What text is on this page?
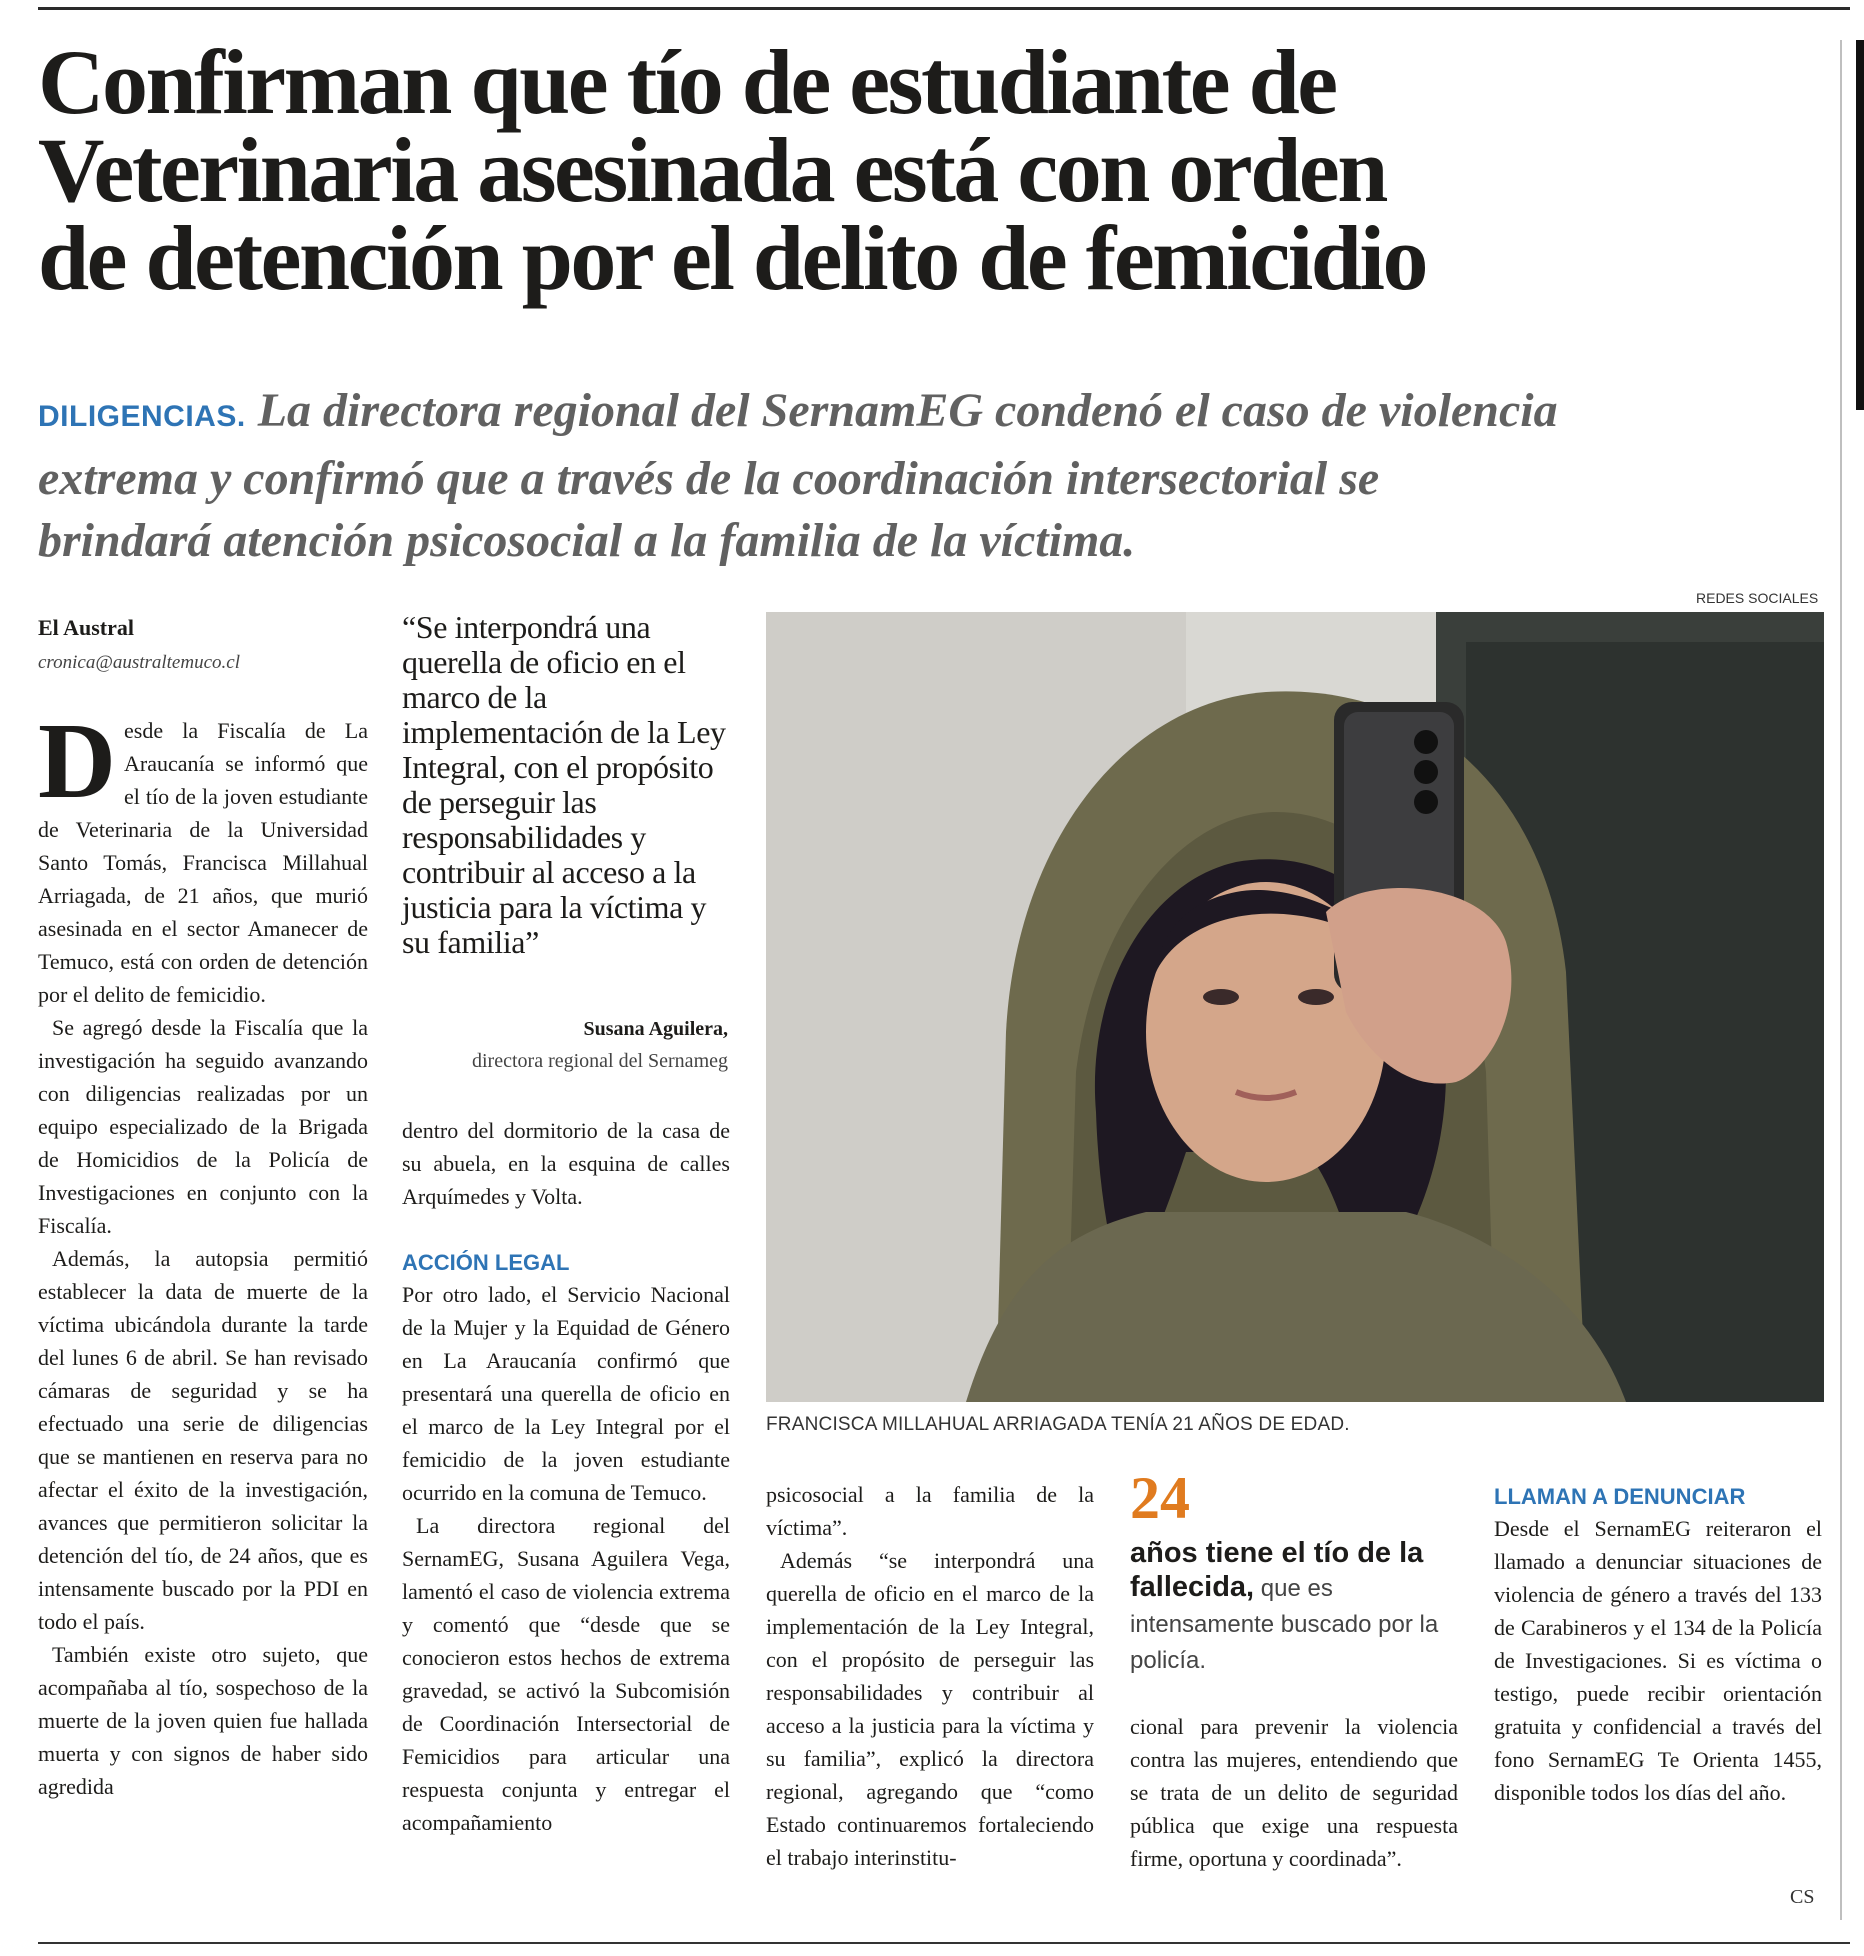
Confirman que tío de estudiante de
Veterinaria asesinada está con orden
de detención por el delito de femicidio
DILIGENCIAS. La directora regional del SernamEG condenó el caso de violencia
extrema y confirmó que a través de la coordinación intersectorial se
brindará atención psicosocial a la familia de la víctima.
El Austral
cronica@australtemuco.cl

Desde la Fiscalía de La Araucanía se informó que el tío de la joven estudiante de Veterinaria de la Universidad Santo Tomás, Francisca Millahual Arriagada, de 21 años, que murió asesinada en el sector Amanecer de Temuco, está con orden de detención por el delito de femicidio.

Se agregó desde la Fiscalía que la investigación ha seguido avanzando con diligencias realizadas por un equipo especializado de la Brigada de Homicidios de la Policía de Investigaciones en conjunto con la Fiscalía.

Además, la autopsia permitió establecer la data de muerte de la víctima ubicándola durante la tarde del lunes 6 de abril. Se han revisado cámaras de seguridad y se ha efectuado una serie de diligencias que se mantienen en reserva para no afectar el éxito de la investigación, avances que permitieron solicitar la detención del tío, de 24 años, que es intensamente buscado por la PDI en todo el país.

También existe otro sujeto, que acompañaba al tío, sospechoso de la muerte de la joven quien fue hallada muerta y con signos de haber sido agredida

“Se interpondrá una querella de oficio en el marco de la implementación de la Ley Integral, con el propósito de perseguir las responsabilidades y contribuir al acceso a la justicia para la víctima y su familia”
Susana Aguilera,
directora regional del Sernameg

dentro del dormitorio de la casa de su abuela, en la esquina de calles Arquímedes y Volta.

ACCIÓN LEGAL

Por otro lado, el Servicio Nacional de la Mujer y la Equidad de Género en La Araucanía confirmó que presentará una querella de oficio en el marco de la Ley Integral por el femicidio de la joven estudiante ocurrido en la comuna de Temuco.

La directora regional del SernamEG, Susana Aguilera Vega, lamentó el caso de violencia extrema y comentó que “desde que se conocieron estos hechos de extrema gravedad, se activó la Subcomisión de Coordinación Intersectorial de Femicidios para articular una respuesta conjunta y entregar el acompañamiento

REDES SOCIALES
FRANCISCA MILLAHUAL ARRIAGADA TENÍA 21 AÑOS DE EDAD.

psicosocial a la familia de la víctima”.

Además “se interpondrá una querella de oficio en el marco de la implementación de la Ley Integral, con el propósito de perseguir las responsabilidades y contribuir al acceso a la justicia para la víctima y su familia”, explicó la directora regional, agregando que “como Estado continuaremos fortaleciendo el trabajo interinstitu-

24
años tiene el tío de la fallecida, que es intensamente buscado por la policía.

cional para prevenir la violencia contra las mujeres, entendiendo que se trata de un delito de seguridad pública que exige una respuesta firme, oportuna y coordinada”.

LLAMAN A DENUNCIAR

Desde el SernamEG reiteraron el llamado a denunciar situaciones de violencia de género a través del 133 de Carabineros y el 134 de la Policía de Investigaciones. Si es víctima o testigo, puede recibir orientación gratuita y confidencial a través del fono SernamEG Te Orienta 1455, disponible todos los días del año.

CS
